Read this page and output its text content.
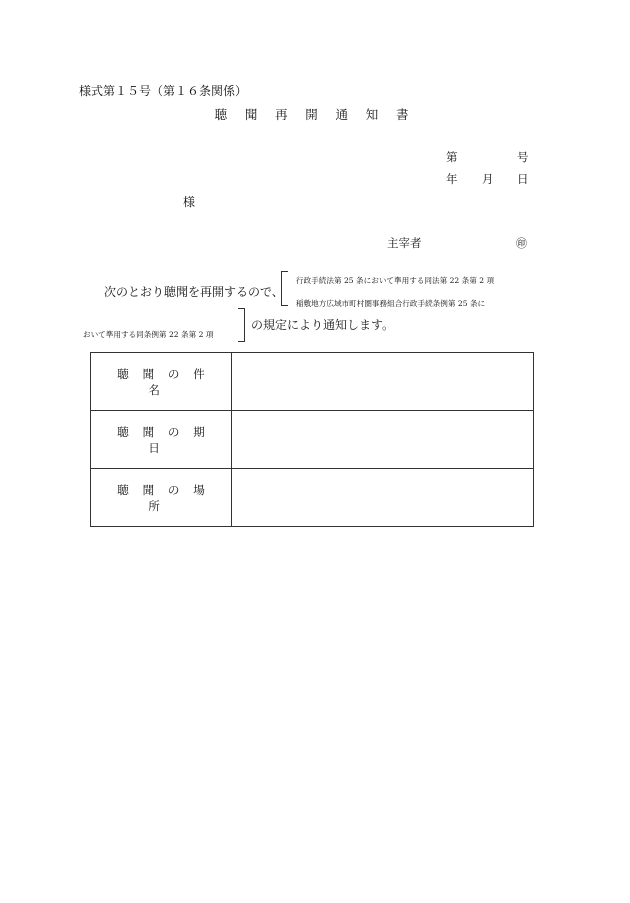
様式第１５号（第１６条関係）
聴 聞 再 開 通 知 書
第	号
年 月 日
様
主宰者	㊞
次のとおり聴聞を再開するので、
行政手続法第 25 条において準用する同法第 22 条第 2 項
稲敷地方広域市町村圏事務組合行政手続条例第 25 条に
おいて準用する同条例第 22 条第 2 項
の規定により通知します。
聴聞の件名	
聴聞の期日	
聴聞の場所	
